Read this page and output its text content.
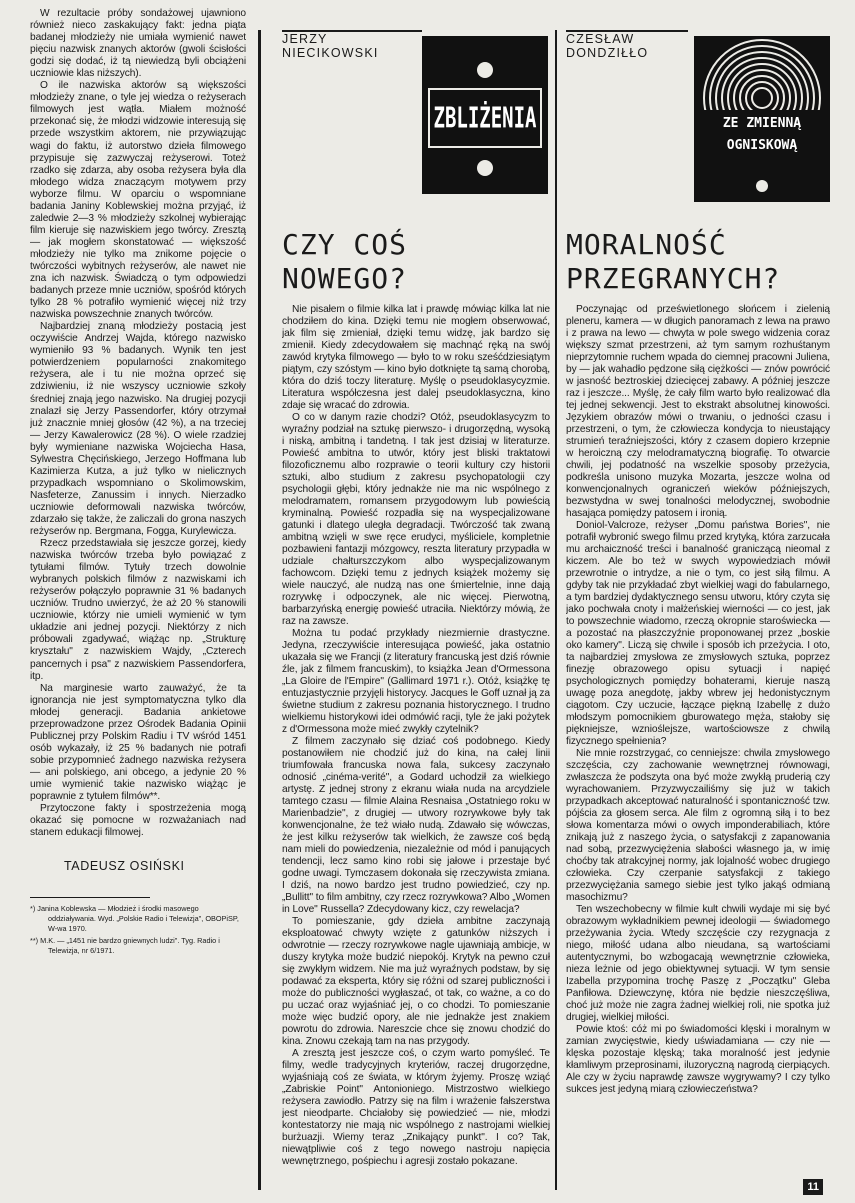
W rezultacie próby sondażowej ujawniono również nieco zaskakujący fakt: jedna piąta badanej młodzieży nie umiała wymienić nawet pięciu nazwisk znanych aktorów (gwoli ścisłości godzi się dodać, iż tą niewiedzą byli obciążeni uczniowie klas niższych).

O ile nazwiska aktorów są większości młodzieży znane, o tyle jej wiedza o reżyserach filmowych jest wątła. Miałem możność przekonać się, że młodzi widzowie interesują się przede wszystkim aktorem, nie przywiązując wagi do faktu, iż autorstwo dzieła filmowego przypisuje się zazwyczaj reżyserowi. Toteż rzadko się zdarza, aby osoba reżysera była dla młodego widza znaczącym motywem przy wyborze filmu. W oparciu o wspomniane badania Janiny Koblewskiej można przyjąć, iż zaledwie 2—3 % młodzieży szkolnej wybierając film kieruje się nazwiskiem jego twórcy. Zresztą — jak mogłem skonstatować — większość młodzieży nie tylko ma znikome pojęcie o twórczości wybitnych reżyserów, ale nawet nie zna ich nazwisk. Świadczą o tym odpowiedzi badanych przeze mnie uczniów, spośród których tylko 28 % potrafiło wymienić więcej niż trzy nazwiska powszechnie znanych twórców.

Najbardziej znaną młodzieży postacią jest oczywiście Andrzej Wajda, którego nazwisko wymieniło 93 % badanych. Wynik ten jest potwierdzeniem popularności znakomitego reżysera, ale i tu nie można oprzeć się zdziwieniu, iż nie wszyscy uczniowie szkoły średniej znają jego nazwisko. Na drugiej pozycji znalazł się Jerzy Passendorfer, który otrzymał już znacznie mniej głosów (42 %), a na trzeciej — Jerzy Kawalerowicz (28 %). O wiele rzadziej były wymieniane nazwiska Wojciecha Hasa, Sylwestra Chęcińskiego, Jerzego Hoffmana lub Kazimierza Kutza, a już tylko w nielicznych przypadkach wspomniano o Skolimowskim, Nasfeterze, Zanussim i innych. Nierzadko uczniowie deformowali nazwiska twórców, zdarzało się także, że zaliczali do grona naszych reżyserów np. Bergmana, Fogga, Kurylewicza.

Rzecz przedstawiała się jeszcze gorzej, kiedy nazwiska twórców trzeba było powiązać z tytułami filmów. Tytuły trzech dowolnie wybranych polskich filmów z nazwiskami ich reżyserów połączyło poprawnie 31 % badanych uczniów. Trudno uwierzyć, że aż 20 % stanowili uczniowie, którzy nie umieli wymienić w tym układzie ani jednej pozycji. Niektórzy z nich próbowali zgadywać, wiążąc np. „Strukturę kryształu" z nazwiskiem Wajdy, „Czterech pancernych i psa" z nazwiskiem Passendorfera, itp.

Na marginesie warto zauważyć, że ta ignorancja nie jest symptomatyczna tylko dla młodej generacji. Badania ankietowe przeprowadzone przez Ośrodek Badania Opinii Publicznej przy Polskim Radiu i TV wśród 1451 osób wykazały, iż 25 % badanych nie potrafi sobie przypomnieć żadnego nazwiska reżysera — ani polskiego, ani obcego, a jedynie 20 % umie wymienić takie nazwisko wiążąc je poprawnie z tytułem filmów**.

Przytoczone fakty i spostrzeżenia mogą okazać się pomocne w rozważaniach nad stanem edukacji filmowej.

TADEUSZ OSIŃSKI

*) Janina Koblewska — Młodzież i środki masowego oddziaływania. Wyd. „Polskie Radio i Telewizja", OBOPiSP, W-wa 1970.

**) M.K. — „1451 nie bardzo gniewnych ludzi". Tyg. Radio i Telewizja, nr 6/1971.

JERZY NIECIKOWSKI
ZBLIŻENIA
CZY COŚ
NOWEGO?

Nie pisałem o filmie kilka lat i prawdę mówiąc kilka lat nie chodziłem do kina. Dzięki temu nie mogłem obserwować, jak film się zmieniał, dzięki temu widzę, jak bardzo się zmienił. Kiedy zdecydowałem się machnąć ręką na swój zawód krytyka filmowego — było to w roku sześćdziesiątym piątym, czy szóstym — kino było dotknięte tą samą chorobą, która do dziś toczy literaturę. Myślę o pseudoklasycyzmie. Literatura współczesna jest dalej pseudoklasyczna, kino zdaje się wracać do zdrowia.

O co w danym razie chodzi? Otóż, pseudoklasycyzm to wyraźny podział na sztukę pierwszo- i drugorzędną, wysoką i niską, ambitną i tandetną. I tak jest dzisiaj w literaturze. Powieść ambitna to utwór, który jest bliski traktatowi filozoficznemu albo rozprawie o teorii kultury czy historii sztuki, albo studium z zakresu psychopatologii czy psychologii głębi, który jednakże nie ma nic wspólnego z melodramatem, romansem przygodowym lub powieścią kryminalną. Powieść rozpadła się na wyspecjalizowane gatunki i dlatego uległa degradacji. Twórczość tak zwaną ambitną wzięli w swe ręce erudyci, myśliciele, kompletnie pozbawieni fantazji mózgowcy, reszta literatury przypadła w udziale chałturszczykom albo wyspecjalizowanym fachowcom. Dzięki temu z jednych książek możemy się wiele nauczyć, ale nudzą nas one śmiertelnie, inne dają rozrywkę i odpoczynek, ale nic więcej. Pierwotną, barbarzyńską energię powieść utraciła. Niektórzy mówią, że raz na zawsze.

Można tu podać przykłady niezmiernie drastyczne. Jedyna, rzeczywiście interesująca powieść, jaka ostatnio ukazała się we Francji (z literatury francuską jest dziś równie źle, jak z filmem francuskim), to książka Jean d'Ormessona „La Gloire de l'Empire" (Gallimard 1971 r.). Otóż, książkę tę entuzjastycznie przyjęli historycy. Jacques le Goff uznał ją za świetne studium z zakresu poznania historycznego. I trudno wielkiemu historykowi idei odmówić racji, tyle że jaki pożytek z d'Ormessona może mieć zwykły czytelnik?

Z filmem zaczynało się dziać coś podobnego. Kiedy postanowiłem nie chodzić już do kina, na całej linii triumfowała francuska nowa fala, sukcesy zaczynało odnosić „cinéma-verité", a Godard uchodził za wielkiego artystę. Z jednej strony z ekranu wiała nuda na arcydziele tamtego czasu — filmie Alaina Resnaisa „Ostatniego roku w Marienbadzie", z drugiej — utwory rozrywkowe były tak konwencjonalne, że też wiało nudą. Zdawało się wówczas, że jest kilku reżyserów tak wielkich, że zawsze coś będą nam mieli do powiedzenia, niezależnie od mód i panujących tendencji, lecz samo kino robi się jałowe i przestaje być godne uwagi. Tymczasem dokonała się rzeczywista zmiana. I dziś, na nowo bardzo jest trudno powiedzieć, czy np. „Bullitt" to film ambitny, czy rzecz rozrywkowa? Albo „Women in Love" Russella? Zdecydowany kicz, czy rewelacja?

To pomieszanie, gdy dzieła ambitne zaczynają eksploatować chwyty wzięte z gatunków niższych i odwrotnie — rzeczy rozrywkowe nagle ujawniają ambicje, w duszy krytyka może budzić niepokój. Krytyk na pewno czuł się zwykłym widzem. Nie ma już wyraźnych podstaw, by się podawać za eksperta, który się różni od szarej publiczności i może do publiczności wygłaszać, ot tak, co ważne, a co do pu uczać oraz wyjaśniać jej, o co chodzi. To pomieszanie może więc budzić opory, ale nie jednakże jest znakiem powrotu do zdrowia. Nareszcie chce się znowu chodzić do kina. Znowu czekają tam na nas przygody.

A zresztą jest jeszcze coś, o czym warto pomyśleć. Te filmy, wedle tradycyjnych kryteriów, raczej drugorzędne, wyjaśniają coś ze świata, w którym żyjemy. Proszę wziąć „Zabriskie Point" Antonioniego. Mistrzostwo wielkiego reżysera zawiodło. Patrzy się na film i wrażenie fałszerstwa jest nieodparte. Chciałoby się powiedzieć — nie, młodzi kontestatorzy nie mają nic wspólnego z nastrojami wielkiej burżuazji. Wiemy teraz „Znikający punkt". I co? Tak, niewątpliwie coś z tego nowego nastroju napięcia wewnętrznego, pośpiechu i agresji zostało pokazane.

CZESŁAW DONDZIŁŁO
ZE ZMIENNĄ
OGNISKOWĄ
MORALNOŚĆ
PRZEGRANYCH?

Poczynając od prześwietlonego słońcem i zielenią pleneru, kamera — w długich panoramach z lewa na prawo i z prawa na lewo — chwyta w pole swego widzenia coraz większy szmat przestrzeni, aż tym samym rozhuśtanym nieprzytomnie ruchem wpada do ciemnej pracowni Juliena, by — jak wahadło pędzone siłą ciężkości — znów powrócić w jasność beztroskiej dziecięcej zabawy. A później jeszcze raz i jeszcze... Myślę, że cały film warto było realizować dla tej jednej sekwencji. Jest to ekstrakt absolutnej kinowości. Językiem obrazów mówi o trwaniu, o jedności czasu i przestrzeni, o tym, że człowiecza kondycja to nieustający strumień teraźniejszości, który z czasem dopiero krzepnie w heroiczną czy melodramatyczną biografię. To otwarcie chwili, jej podatność na wszelkie sposoby przeżycia, podkreśla unisono muzyka Mozarta, jeszcze wolna od konwencjonalnych ograniczeń wieków późniejszych, bezwstydna w swej tonalności melodycznej, swobodnie hasająca pomiędzy patosem i ironią.

Doniol-Valcroze, reżyser „Domu państwa Bories", nie potrafił wybronić swego filmu przed krytyką, która zarzucała mu archaiczność treści i banalność graniczącą nieomal z kiczem. Ale bo też w swych wypowiedziach mówił przewrotnie o intrydze, a nie o tym, co jest siłą filmu. A gdyby tak nie przykładać zbyt wielkiej wagi do fabularnego, a tym bardziej dydaktycznego sensu utworu, który czyta się jako pochwała cnoty i małżeńskiej wierności — co jest, jak to powszechnie wiadomo, rzeczą okropnie staroświecka — a pozostać na płaszczyźnie proponowanej przez „boskie oko kamery". Liczą się chwile i sposób ich przeżycia. I oto, ta najbardziej zmysłowa ze zmysłowych sztuka, poprzez finezję obrazowego opisu sytuacji i napięć psychologicznych pomiędzy bohaterami, kieruje naszą uwagę poza anegdotę, jakby wbrew jej hedonistycznym ciągotom. Czy uczucie, łączące piękną Izabellę z dużo młodszym pomocnikiem gburowatego męża, stałoby się piękniejsze, wznioślejsze, wartościowsze z chwilą fizycznego spełnienia?

Nie mnie rozstrzygać, co cenniejsze: chwila zmysłowego szczęścia, czy zachowanie wewnętrznej równowagi, zwłaszcza że podszyta ona być może zwykłą pruderią czy wyrachowaniem. Przyzwyczailiśmy się już w takich przypadkach akceptować naturalność i spontaniczność tzw. pójścia za głosem serca. Ale film z ogromną siłą i to bez słowa komentarza mówi o owych imponderabiliach, które znikają już z naszego życia, o satysfakcji z zapanowania nad sobą, przezwyciężenia słabości własnego ja, w imię choćby tak atrakcyjnej normy, jak lojalność wobec drugiego człowieka. Czy czerpanie satysfakcji z takiego przezwyciężania samego siebie jest tylko jakąś odmianą masochizmu?

Ten wszechobecny w filmie kult chwili wydaje mi się być obrazowym wykładnikiem pewnej ideologii — świadomego przeżywania życia. Wtedy szczęście czy rezygnacja z niego, miłość udana albo nieudana, są wartościami autentycznymi, bo wzbogacają wewnętrznie człowieka, nieza leżnie od jego obiektywnej sytuacji. W tym sensie Izabella przypomina trochę Paszę z „Początku" Gleba Panfiłowa. Dziewczynę, która nie będzie nieszczęśliwa, choć już może nie zagra żadnej wielkiej roli, nie spotka już drugiej, wielkiej miłości.

Powie ktoś: cóż mi po świadomości klęski i moralnym w zamian zwycięstwie, kiedy uświadamiana — czy nie — klęska pozostaje klęską; taka moralność jest jedynie kłamliwym przeprosinami, iluzoryczną nagrodą cierpiących. Ale czy w życiu naprawdę zawsze wygrywamy? I czy tylko sukces jest jedyną miarą człowieczeństwa?

11
